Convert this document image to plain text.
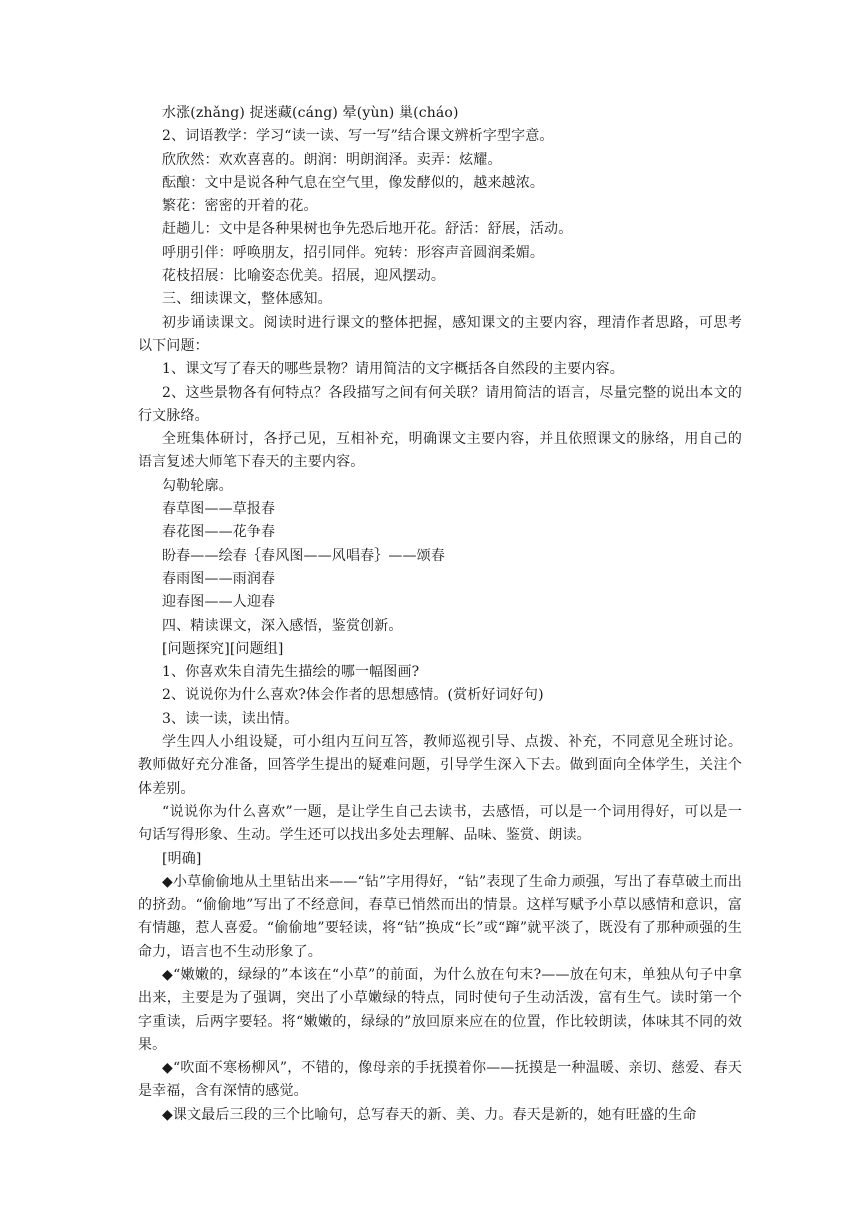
水涨(zhǎng) 捉迷藏(cáng) 晕(yùn) 巢(cháo)

2、词语教学：学习“读一读、写一写”结合课文辨析字型字意。

欣欣然：欢欢喜喜的。朗润：明朗润泽。卖弄：炫耀。

酝酿：文中是说各种气息在空气里，像发酵似的，越来越浓。

繁花：密密的开着的花。

赶趟儿：文中是各种果树也争先恐后地开花。舒活：舒展，活动。

呼朋引伴：呼唤朋友，招引同伴。宛转：形容声音圆润柔媚。

花枝招展：比喻姿态优美。招展，迎风摆动。

三、细读课文，整体感知。

初步诵读课文。阅读时进行课文的整体把握，感知课文的主要内容，理清作者思路，可思考以下问题：

1、课文写了春天的哪些景物？请用简洁的文字概括各自然段的主要内容。

2、这些景物各有何特点？各段描写之间有何关联？请用简洁的语言，尽量完整的说出本文的行文脉络。

全班集体研讨，各抒己见，互相补充，明确课文主要内容，并且依照课文的脉络，用自己的语言复述大师笔下春天的主要内容。

勾勒轮廓。

春草图——草报春

春花图——花争春

盼春——绘春｛春风图——风唱春｝——颂春

春雨图——雨润春

迎春图——人迎春

四、精读课文，深入感悟，鉴赏创新。

[问题探究][问题组]

1、你喜欢朱自清先生描绘的哪一幅图画?

2、说说你为什么喜欢?体会作者的思想感情。(赏析好词好句)

3、读一读，读出情。

学生四人小组设疑，可小组内互问互答，教师巡视引导、点拨、补充，不同意见全班讨论。教师做好充分准备，回答学生提出的疑难问题，引导学生深入下去。做到面向全体学生，关注个体差别。

“说说你为什么喜欢”一题，是让学生自己去读书，去感悟，可以是一个词用得好，可以是一句话写得形象、生动。学生还可以找出多处去理解、品味、鉴赏、朗读。

[明确]

◆小草偷偷地从土里钻出来——“钻”字用得好，“钻”表现了生命力顽强，写出了春草破土而出的挤劲。“偷偷地”写出了不经意间，春草已悄然而出的情景。这样写赋予小草以感情和意识，富有情趣，惹人喜爱。“偷偷地”要轻读，将“钻”换成“长”或“蹿”就平淡了，既没有了那种顽强的生命力，语言也不生动形象了。

◆“嫩嫩的，绿绿的”本该在“小草”的前面，为什么放在句末?——放在句末，单独从句子中拿出来，主要是为了强调，突出了小草嫩绿的特点，同时使句子生动活泼，富有生气。读时第一个字重读，后两字要轻。将“嫩嫩的，绿绿的”放回原来应在的位置，作比较朗读，体味其不同的效果。

◆“吹面不寒杨柳风”，不错的，像母亲的手抚摸着你——抚摸是一种温暖、亲切、慈爱、春天是幸福，含有深情的感觉。

◆课文最后三段的三个比喻句，总写春天的新、美、力。春天是新的，她有旺盛的生命
